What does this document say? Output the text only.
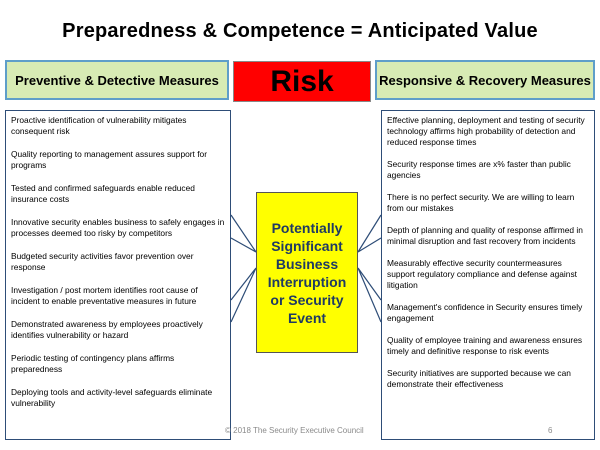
Preparedness & Competence = Anticipated Value
Preventive & Detective Measures	Risk	Responsive & Recovery Measures
Proactive identification of vulnerability mitigates consequent risk
Quality reporting to management assures support for programs
Tested and confirmed safeguards enable reduced insurance costs
Innovative security enables business to safely engages in processes deemed too risky by competitors
Budgeted security activities favor prevention over response
Investigation / post mortem identifies root cause of incident to enable preventative measures in future
Demonstrated awareness by employees proactively identifies vulnerability or hazard
Periodic testing of contingency plans affirms preparedness
Deploying tools and activity-level safeguards eliminate vulnerability
Effective planning, deployment and testing of security technology affirms high probability of detection and reduced response times
Security response times are x% faster than public agencies
There is no perfect security. We are willing to learn from our mistakes
Depth of planning and quality of response affirmed in minimal disruption and fast recovery from incidents
Measurably effective security countermeasures support regulatory compliance and defense against litigation
Management's confidence in Security ensures timely engagement
Quality of employee training and awareness ensures timely and definitive response to risk events
Security initiatives are supported because we can demonstrate their effectiveness
Potentially Significant Business Interruption or Security Event
© 2018 The Security Executive Council	6
